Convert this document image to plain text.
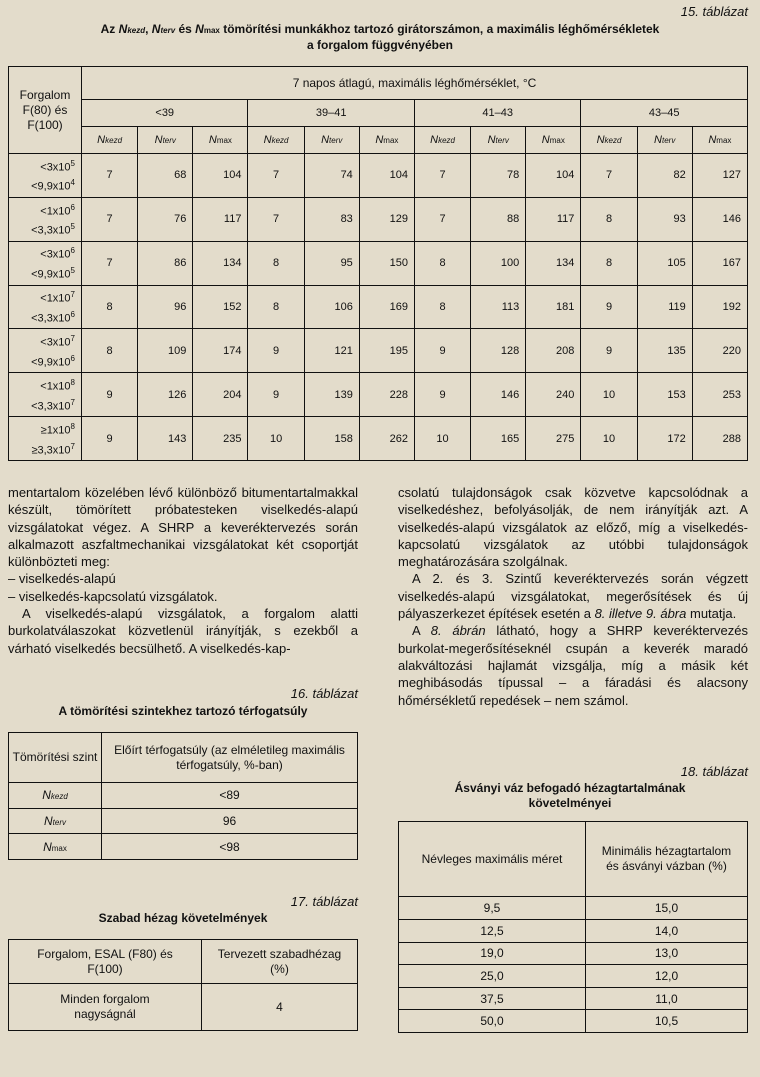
15. táblázat
Az Nkezd, Nterv és Nmax tömörítési munkákhoz tartozó girátorszámon, a maximális léghőmérsékletek
a forgalom függvényében
Forgalom F(80) és F(100)	7 napos átlagú, maximális léghőmérséklet, °C											
	<39			39–41			41–43			43–45		
	Nkezd	Nterv	Nmax	Nkezd	Nterv	Nmax	Nkezd	Nterv	Nmax	Nkezd	Nterv	Nmax
$<3x10^5$
$<9,9x10^4$	7	68	104	7	74	104	7	78	104	7	82	127
$<1x10^6$
$<3,3x10^5$	7	76	117	7	83	129	7	88	117	8	93	146
$<3x10^6$
$<9,9x10^5$	7	86	134	8	95	150	8	100	134	8	105	167
$<1x10^7$
$<3,3x10^6$	8	96	152	8	106	169	8	113	181	9	119	192
$<3x10^7$
$<9,9x10^6$	8	109	174	9	121	195	9	128	208	9	135	220
$<1x10^8$
$<3,3x10^7$	9	126	204	9	139	228	9	146	240	10	153	253
$\ge 1x10^8$
$\ge 3,3x10^7$	9	143	235	10	158	262	10	165	275	10	172	288

mentartalom közelében lévő különböző bitumentartalmakkal készült, tömörített próbatesteken viselkedés-alapú vizsgálatokat végez. A SHRP a keveréktervezés során alkalmazott aszfaltmechanikai vizsgálatokat két csoportját különbözteti meg:

– viselkedés-alapú

– viselkedés-kapcsolatú vizsgálatok.

A viselkedés-alapú vizsgálatok, a forgalom alatti burkolatválaszokat közvetlenül irányítják, s ezekből a várható viselkedés becsülhető. A viselkedés-kap-

csolatú tulajdonságok csak közvetve kapcsolódnak a viselkedéshez, befolyásolják, de nem irányítják azt. A viselkedés-alapú vizsgálatok az előző, míg a viselkedés-kapcsolatú vizsgálatok az utóbbi tulajdonságok meghatározására szolgálnak.

A 2. és 3. Szintű keveréktervezés során végzett viselkedés-alapú vizsgálatokat, megerősítések és új pályaszerkezet építések esetén a 8. illetve 9. ábra mutatja.

A 8. ábrán látható, hogy a SHRP keveréktervezés burkolat-megerősítéseknél csupán a keverék maradó alakváltozási hajlamát vizsgálja, míg a másik két meghibásodás típussal – a fáradási és alacsony hőmérsékletű repedések – nem számol.

16. táblázat
A tömörítési szintekhez tartozó térfogatsúly
Tömörítési szint	Előírt térfogatsúly (az elméletileg maximális térfogatsúly, %-ban)
Nkezd	<89
Nterv	96
Nmax	<98
17. táblázat
Szabad hézag követelmények
Forgalom, ESAL (F80) és F(100)	Tervezett szabadhézag (%)
Minden forgalom nagyságnál	4
18. táblázat
Ásványi váz befogadó hézagtartalmának követelményei
Névleges maximális méret	Minimális hézagtartalom és ásványi vázban (%)
9,5	15,0
12,5	14,0
19,0	13,0
25,0	12,0
37,5	11,0
50,0	10,5
